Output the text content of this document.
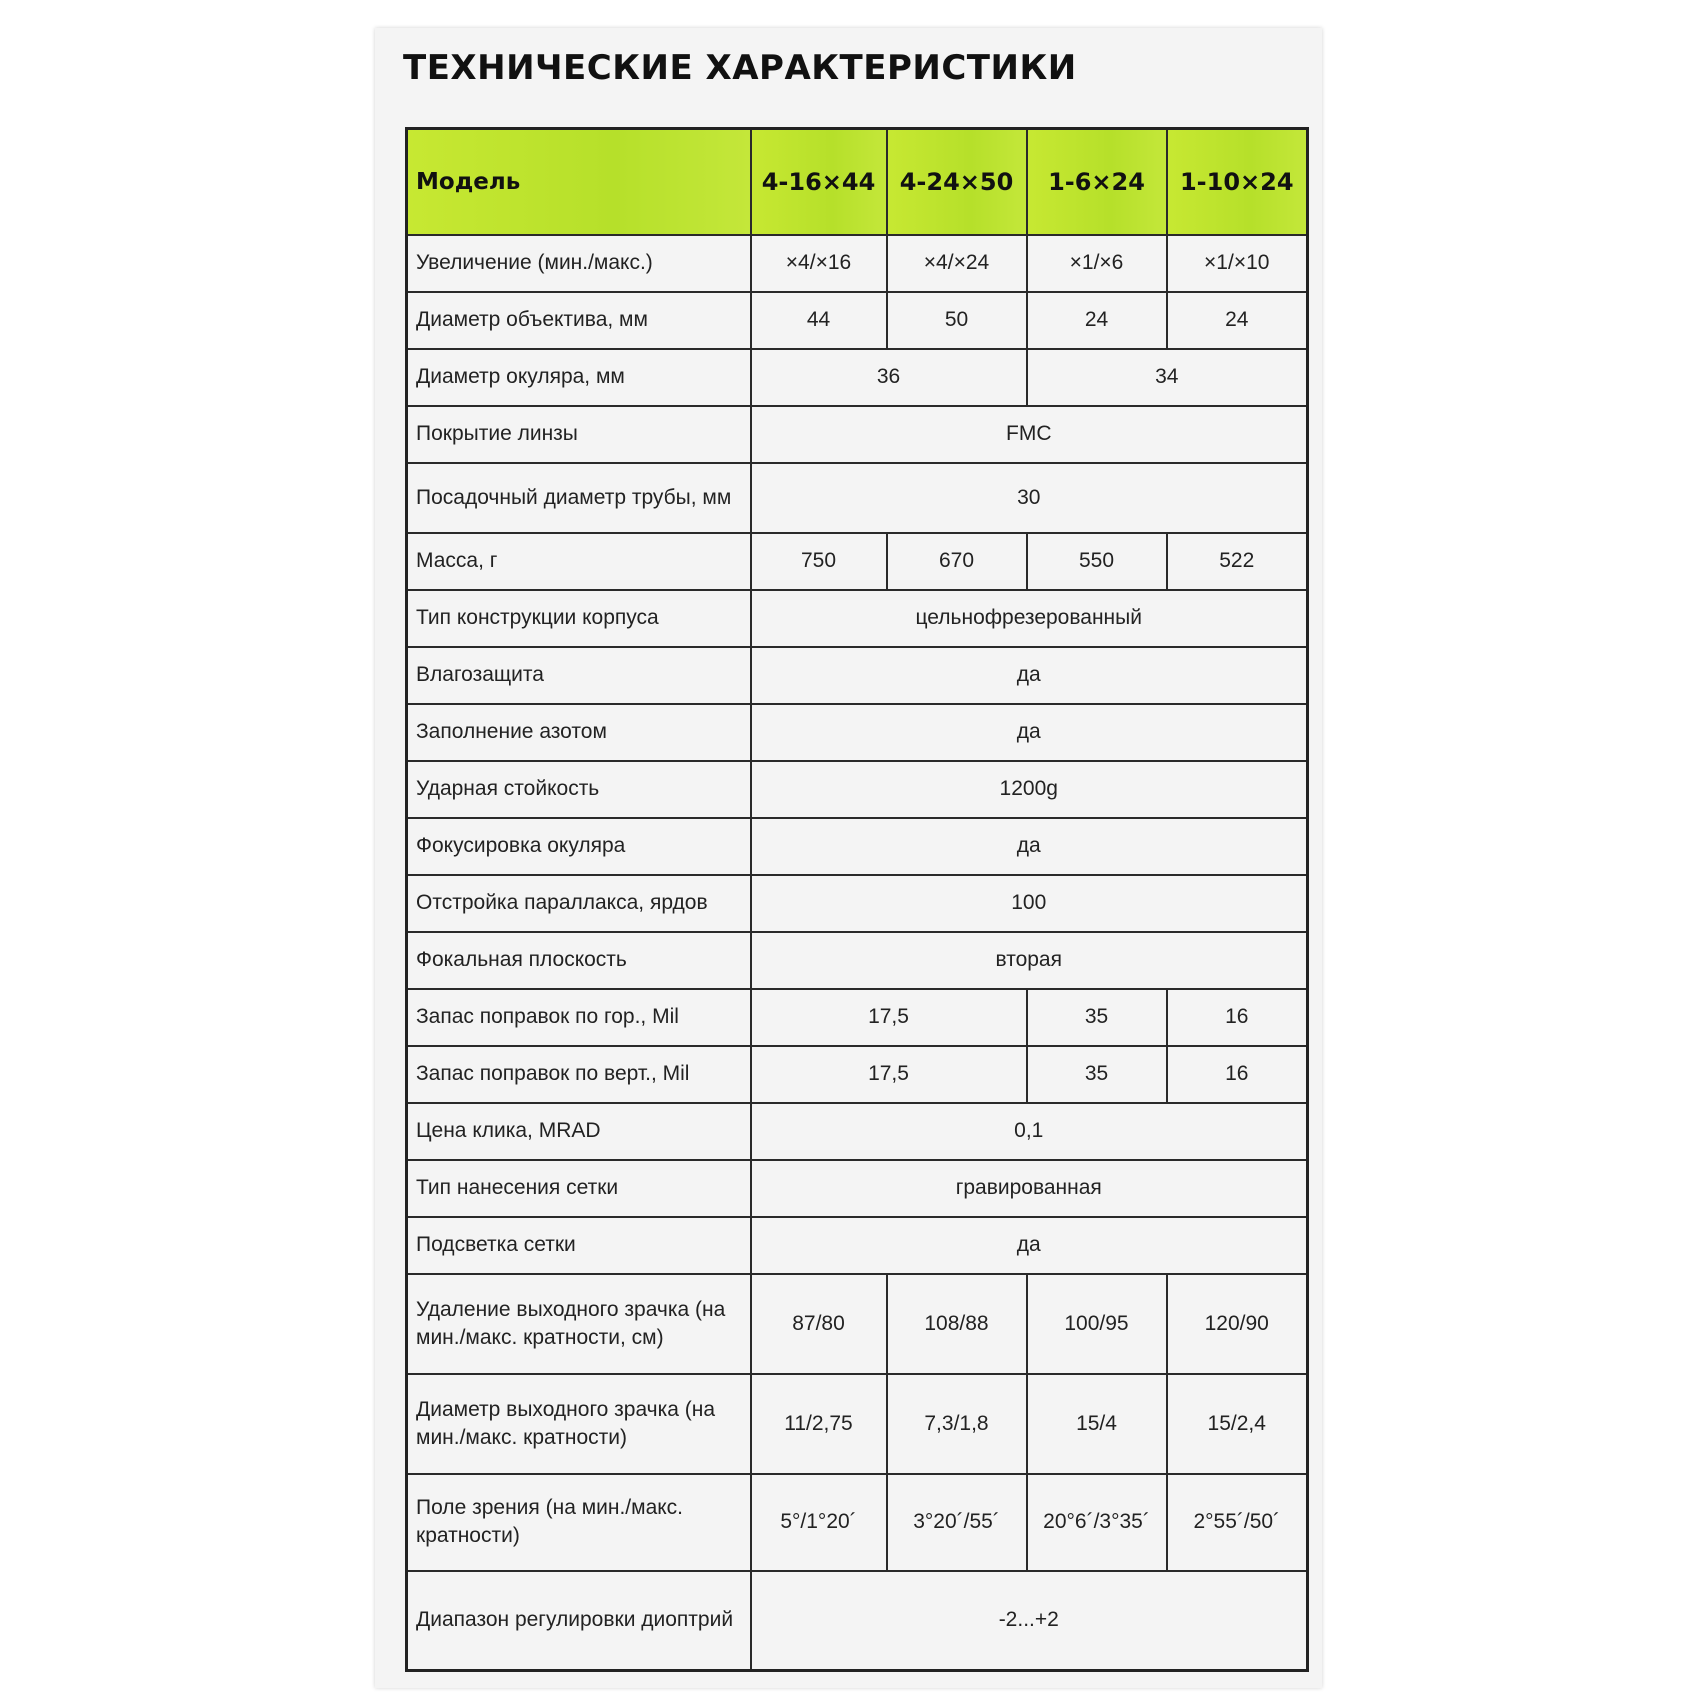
ТЕХНИЧЕСКИЕ ХАРАКТЕРИСТИКИ
Модель	4-16×44	4-24×50	1-6×24	1-10×24
Увеличение (мин./макс.)	×4/×16	×4/×24	×1/×6	×1/×10
Диаметр объектива, мм	44	50	24	24
Диаметр окуляра, мм	36		34	
Покрытие линзы	FMC			
Посадочный диаметр трубы, мм	30			
Масса, г	750	670	550	522
Тип конструкции корпуса	цельнофрезерованный			
Влагозащита	да			
Заполнение азотом	да			
Ударная стойкость	1200g			
Фокусировка окуляра	да			
Отстройка параллакса, ярдов	100			
Фокальная плоскость	вторая			
Запас поправок по гор., Mil	17,5		35	16
Запас поправок по верт., Mil	17,5		35	16
Цена клика, MRAD	0,1			
Тип нанесения сетки	гравированная			
Подсветка сетки	да			
Удаление выходного зрачка (на мин./макс. кратности, см)	87/80	108/88	100/95	120/90
Диаметр выходного зрачка (на мин./макс. кратности)	11/2,75	7,3/1,8	15/4	15/2,4
Поле зрения (на мин./макс. кратности)	5°/1°20´	3°20´/55´	20°6´/3°35´	2°55´/50´
Диапазон регулировки диоптрий	-2...+2			
